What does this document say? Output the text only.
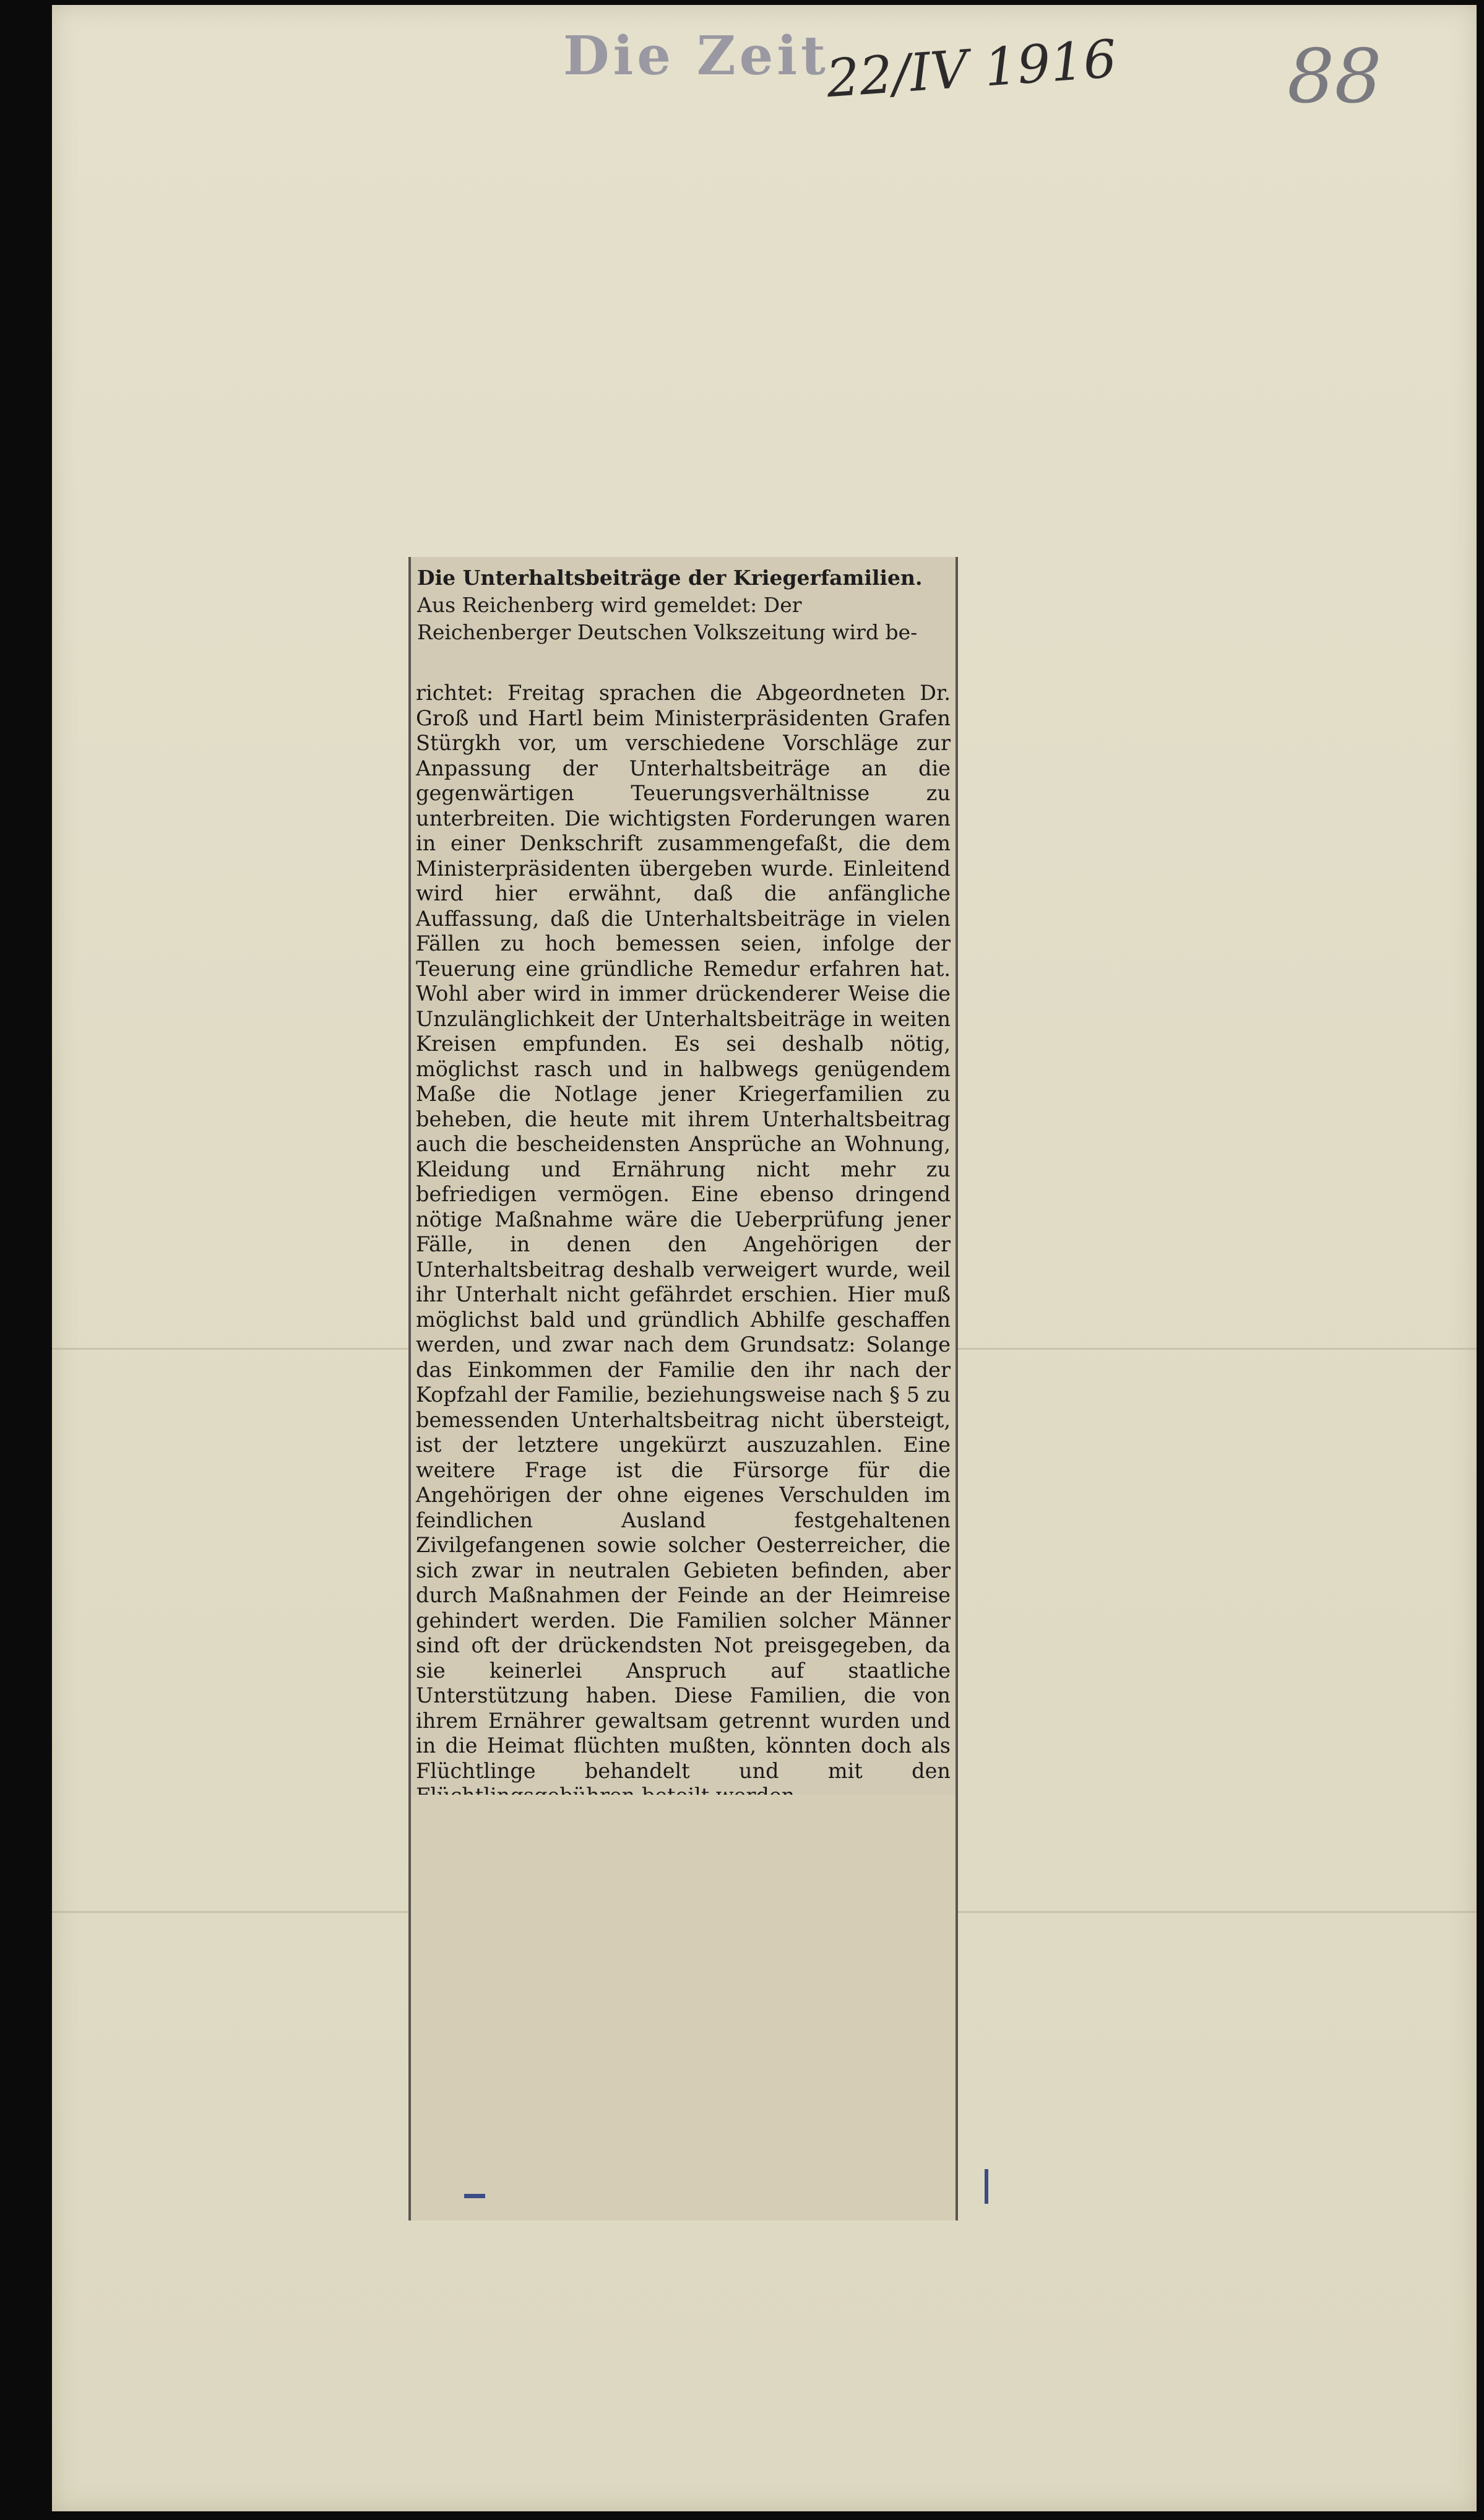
Die Zeit
22/IV 1916 88
Die Unterhaltsbeiträge der Kriegerfamilien.
Aus Reichenberg wird gemeldet: Der
Reichenberger Deutschen Volkszeitung wird be-

richtet: Freitag sprachen die Abgeordneten Dr. Groß und Hartl beim Ministerpräsidenten Grafen Stürgkh vor, um verschiedene Vorschläge zur Anpassung der Unterhaltsbeiträge an die gegenwärtigen Teuerungsverhältnisse zu unterbreiten. Die wichtigsten Forderungen waren in einer Denkschrift zusammengefaßt, die dem Ministerpräsidenten übergeben wurde. Einleitend wird hier erwähnt, daß die anfängliche Auffassung, daß die Unterhaltsbeiträge in vielen Fällen zu hoch bemessen seien, infolge der Teuerung eine gründliche Remedur erfahren hat. Wohl aber wird in immer drückenderer Weise die Unzulänglichkeit der Unterhaltsbeiträge in weiten Kreisen empfunden. Es sei deshalb nötig, möglichst rasch und in halbwegs genügendem Maße die Notlage jener Kriegerfamilien zu beheben, die heute mit ihrem Unterhaltsbeitrag auch die bescheidensten Ansprüche an Wohnung, Kleidung und Ernährung nicht mehr zu befriedigen vermögen. Eine ebenso dringend nötige Maßnahme wäre die Ueberprüfung jener Fälle, in denen den Angehörigen der Unterhaltsbeitrag deshalb verweigert wurde, weil ihr Unterhalt nicht gefährdet erschien. Hier muß möglichst bald und gründlich Abhilfe geschaffen werden, und zwar nach dem Grundsatz: Solange das Einkommen der Familie den ihr nach der Kopfzahl der Familie, beziehungsweise nach § 5 zu bemessenden Unterhaltsbeitrag nicht übersteigt, ist der letztere ungekürzt auszuzahlen. Eine weitere Frage ist die Fürsorge für die Angehörigen der ohne eigenes Verschulden im feindlichen Ausland festgehaltenen Zivilgefangenen sowie solcher Oesterreicher, die sich zwar in neutralen Gebieten befinden, aber durch Maßnahmen der Feinde an der Heimreise gehindert werden. Die Familien solcher Männer sind oft der drückendsten Not preisgegeben, da sie keinerlei Anspruch auf staatliche Unterstützung haben. Diese Familien, die von ihrem Ernährer gewaltsam getrennt wurden und in die Heimat flüchten mußten, könnten doch als Flüchtlinge behandelt und mit den
